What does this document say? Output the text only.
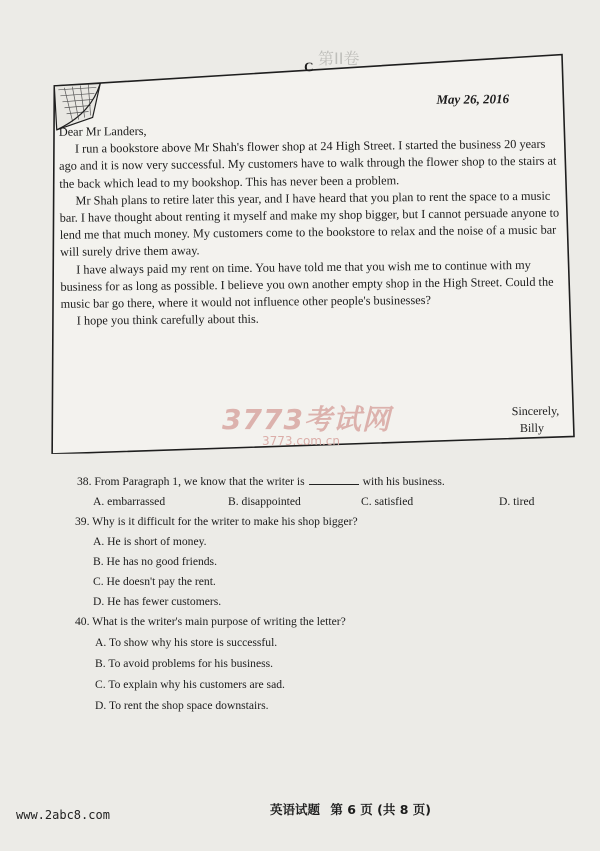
第II卷
C
May 26, 2016

Dear Mr Landers,

I run a bookstore above Mr Shah's flower shop at 24 High Street. I started the business 20 years ago and it is now very successful. My customers have to walk through the flower shop to the stairs at the back which lead to my bookshop. This has never been a problem.

Mr Shah plans to retire later this year, and I have heard that you plan to rent the space to a music bar. I have thought about renting it myself and make my shop bigger, but I cannot persuade anyone to lend me that much money. My customers come to the bookstore to relax and the noise of a music bar will surely drive them away.

I have always paid my rent on time. You have told me that you wish me to continue with my business for as long as possible. I believe you own another empty shop in the High Street. Could the music bar go there, where it would not influence other people's businesses?

I hope you think carefully about this.

Sincerely,
Billy
3773考试网
3773.com.cn
38. From Paragraph 1, we know that the writer is	with his business.
A. embarrassed	B. disappointed	C. satisfied	D. tired
39. Why is it difficult for the writer to make his shop bigger?
A. He is short of money.
B. He has no good friends.
C. He doesn't pay the rent.
D. He has fewer customers.
40. What is the writer's main purpose of writing the letter?
A. To show why his store is successful.
B. To avoid problems for his business.
C. To explain why his customers are sad.
D. To rent the shop space downstairs.
英语试题 第 6 页 (共 8 页)
www.2abc8.com
